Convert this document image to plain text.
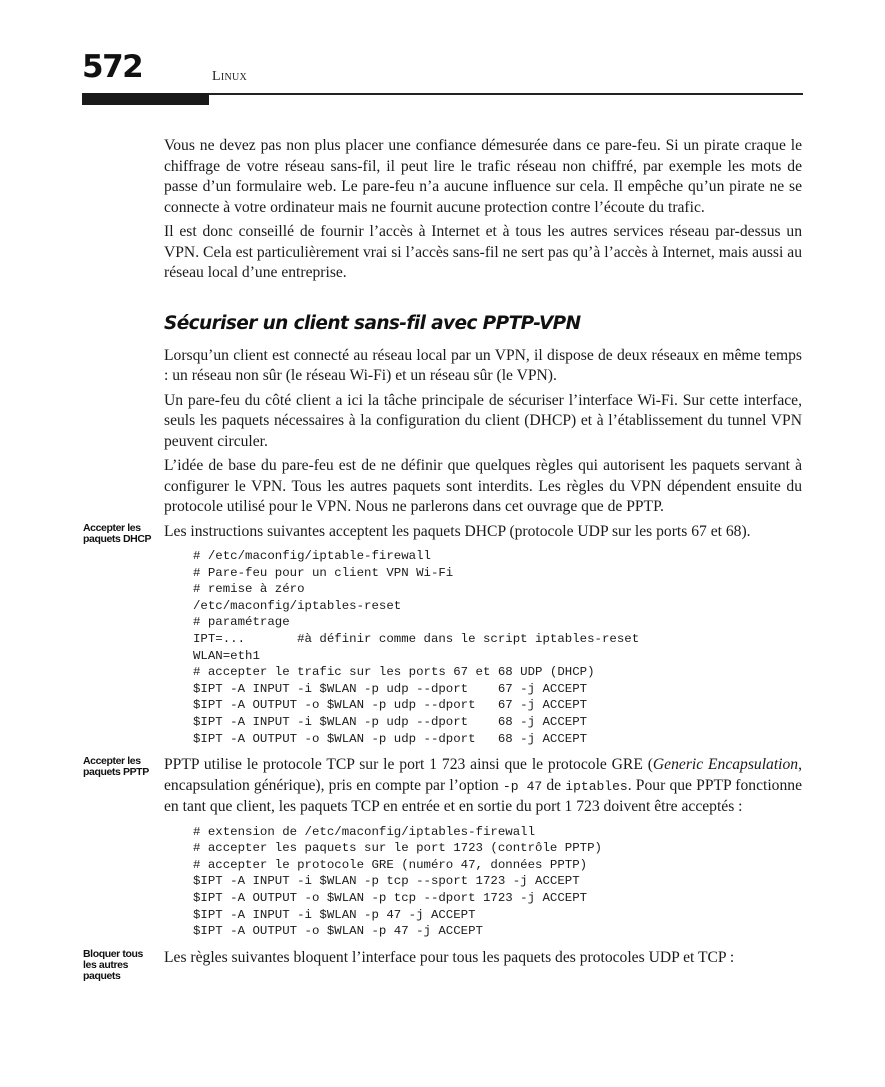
572	Linux

Vous ne devez pas non plus placer une confiance démesurée dans ce pare-feu. Si un pirate craque le chiffrage de votre réseau sans-fil, il peut lire le trafic réseau non chiffré, par exemple les mots de passe d’un formulaire web. Le pare-feu n’a aucune influence sur cela. Il empêche qu’un pirate ne se connecte à votre ordinateur mais ne fournit aucune protection contre l’écoute du trafic.

Il est donc conseillé de fournir l’accès à Internet et à tous les autres services réseau par-dessus un VPN. Cela est particulièrement vrai si l’accès sans-fil ne sert pas qu’à l’accès à Internet, mais aussi au réseau local d’une entreprise.

Sécuriser un client sans-fil avec PPTP-VPN

Lorsqu’un client est connecté au réseau local par un VPN, il dispose de deux réseaux en même temps : un réseau non sûr (le réseau Wi-Fi) et un réseau sûr (le VPN).

Un pare-feu du côté client a ici la tâche principale de sécuriser l’interface Wi-Fi. Sur cette interface, seuls les paquets nécessaires à la configuration du client (DHCP) et à l’établissement du tunnel VPN peuvent circuler.

L’idée de base du pare-feu est de ne définir que quelques règles qui autorisent les paquets servant à configurer le VPN. Tous les autres paquets sont interdits. Les règles du VPN dépendent ensuite du protocole utilisé pour le VPN. Nous ne parlerons dans cet ouvrage que de PPTP.

Accepter les paquets DHCP Les instructions suivantes acceptent les paquets DHCP (protocole UDP sur les ports 67 et 68).

# /etc/maconfig/iptable-firewall
# Pare-feu pour un client VPN Wi-Fi
# remise à zéro
/etc/maconfig/iptables-reset
# paramétrage
IPT=...       #à définir comme dans le script iptables-reset
WLAN=eth1
# accepter le trafic sur les ports 67 et 68 UDP (DHCP)
$IPT -A INPUT -i $WLAN -p udp --dport    67 -j ACCEPT
$IPT -A OUTPUT -o $WLAN -p udp --dport   67 -j ACCEPT
$IPT -A INPUT -i $WLAN -p udp --dport    68 -j ACCEPT
$IPT -A OUTPUT -o $WLAN -p udp --dport   68 -j ACCEPT
Accepter les paquets PPTP PPTP utilise le protocole TCP sur le port 1 723 ainsi que le protocole GRE (Generic Encapsulation, encapsulation générique), pris en compte par l’option -p 47 de iptables. Pour que PPTP fonctionne en tant que client, les paquets TCP en entrée et en sortie du port 1 723 doivent être acceptés :

# extension de /etc/maconfig/iptables-firewall
# accepter les paquets sur le port 1723 (contrôle PPTP)
# accepter le protocole GRE (numéro 47, données PPTP)
$IPT -A INPUT -i $WLAN -p tcp --sport 1723 -j ACCEPT
$IPT -A OUTPUT -o $WLAN -p tcp --dport 1723 -j ACCEPT
$IPT -A INPUT -i $WLAN -p 47 -j ACCEPT
$IPT -A OUTPUT -o $WLAN -p 47 -j ACCEPT
Bloquer tous les autres paquets

Les règles suivantes bloquent l’interface pour tous les paquets des protocoles UDP et TCP :
